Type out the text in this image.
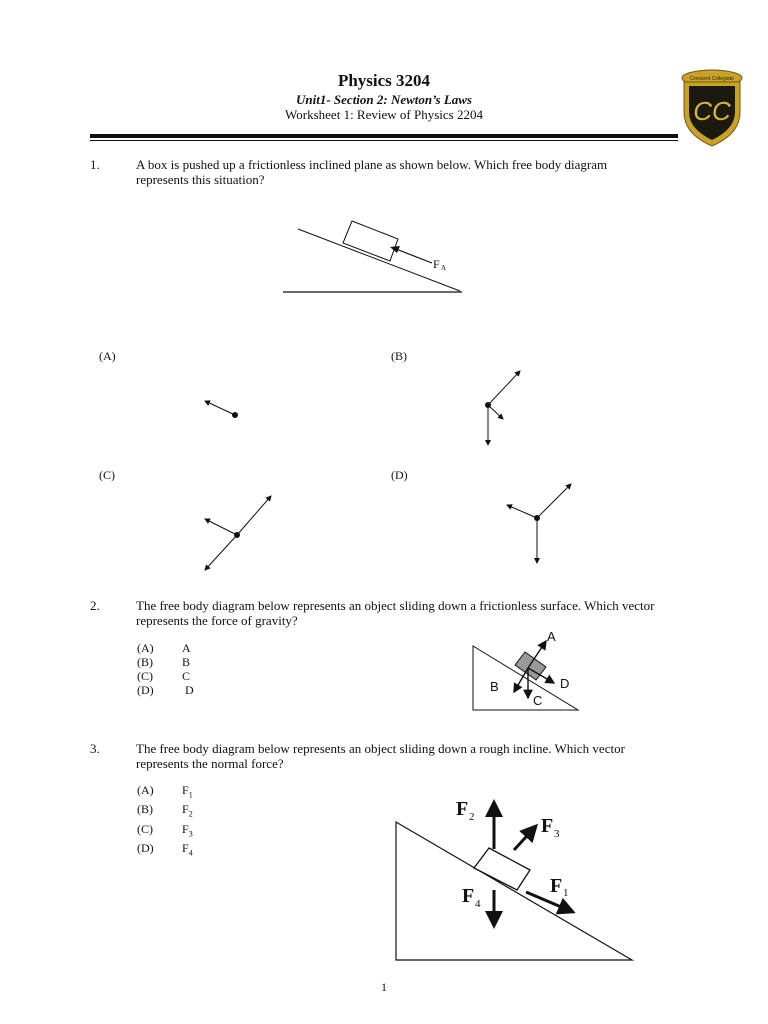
Physics 3204
Unit1- Section 2: Newton’s Laws
Worksheet 1: Review of Physics 2204	CC
Crescent Collegiate
1.	A box is pushed up a frictionless inclined plane as shown below. Which free body diagram represents this situation?
F A
(A)	(B)
(C)	(D)
2.	The free body diagram below represents an object sliding down a frictionless surface. Which vector represents the force of gravity?
(A) A
(B) B
(C) C
(D)	D
A
B
C
D
3.	The free body diagram below represents an object sliding down a rough incline. Which vector represents the normal force?
(A) $F_1$
(B) $F_2$
(C) $F_3$
(D) $F_4$
F 2	F 3
F 1
F 4
1
